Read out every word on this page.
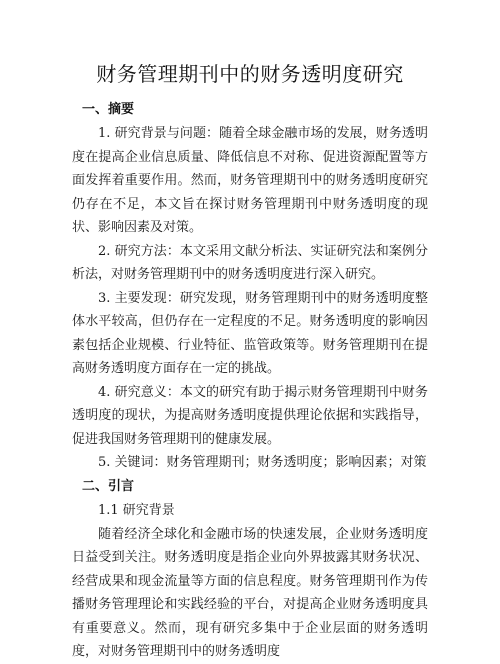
财务管理期刊中的财务透明度研究
一、摘要

1. 研究背景与问题：随着全球金融市场的发展，财务透明度在提高企业信息质量、降低信息不对称、促进资源配置等方面发挥着重要作用。然而，财务管理期刊中的财务透明度研究仍存在不足，本文旨在探讨财务管理期刊中财务透明度的现状、影响因素及对策。

2. 研究方法：本文采用文献分析法、实证研究法和案例分析法，对财务管理期刊中的财务透明度进行深入研究。

3. 主要发现：研究发现，财务管理期刊中的财务透明度整体水平较高，但仍存在一定程度的不足。财务透明度的影响因素包括企业规模、行业特征、监管政策等。财务管理期刊在提高财务透明度方面存在一定的挑战。

4. 研究意义：本文的研究有助于揭示财务管理期刊中财务透明度的现状，为提高财务透明度提供理论依据和实践指导，促进我国财务管理期刊的健康发展。

5. 关键词：财务管理期刊；财务透明度；影响因素；对策

二、引言
1.1 研究背景

随着经济全球化和金融市场的快速发展，企业财务透明度日益受到关注。财务透明度是指企业向外界披露其财务状况、经营成果和现金流量等方面的信息程度。财务管理期刊作为传播财务管理理论和实践经验的平台，对提高企业财务透明度具有重要意义。然而，现有研究多集中于企业层面的财务透明度，对财务管理期刊中的财务透明度
